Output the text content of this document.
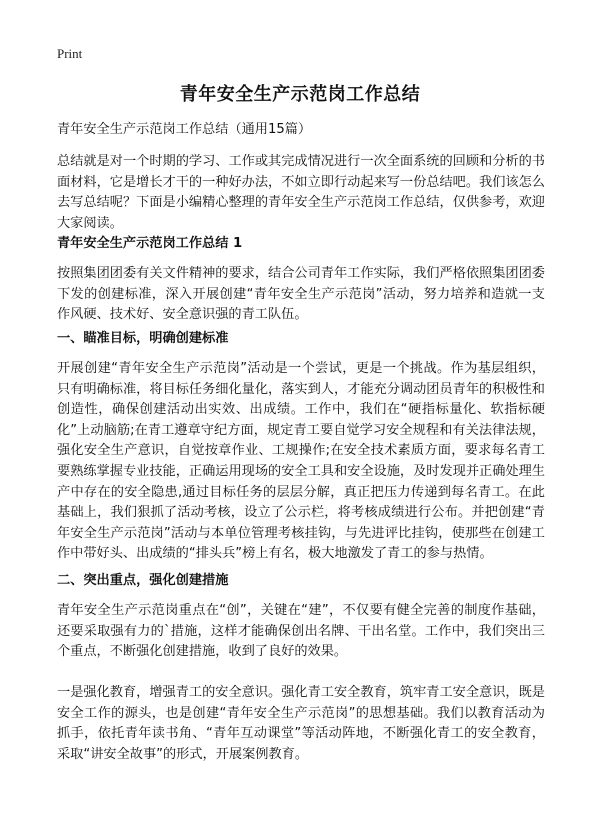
Print
青年安全生产示范岗工作总结
青年安全生产示范岗工作总结（通用15篇）
总结就是对一个时期的学习、工作或其完成情况进行一次全面系统的回顾和分析的书面材料，它是增长才干的一种好办法，不如立即行动起来写一份总结吧。我们该怎么去写总结呢？下面是小编精心整理的青年安全生产示范岗工作总结，仅供参考，欢迎大家阅读。
青年安全生产示范岗工作总结 1
按照集团团委有关文件精神的要求，结合公司青年工作实际，我们严格依照集团团委下发的创建标准，深入开展创建“青年安全生产示范岗”活动，努力培养和造就一支作风硬、技术好、安全意识强的青工队伍。
一、瞄准目标，明确创建标准
开展创建“青年安全生产示范岗”活动是一个尝试，更是一个挑战。作为基层组织，只有明确标准，将目标任务细化量化，落实到人，才能充分调动团员青年的积极性和创造性，确保创建活动出实效、出成绩。工作中，我们在“硬指标量化、软指标硬化”上动脑筋;在青工遵章守纪方面，规定青工要自觉学习安全规程和有关法律法规，强化安全生产意识，自觉按章作业、工规操作;在安全技术素质方面，要求每名青工要熟练掌握专业技能，正确运用现场的安全工具和安全设施，及时发现并正确处理生产中存在的安全隐患,通过目标任务的层层分解，真正把压力传递到每名青工。在此基础上，我们狠抓了活动考核，设立了公示栏，将考核成绩进行公布。并把创建“青年安全生产示范岗”活动与本单位管理考核挂钩，与先进评比挂钩，使那些在创建工作中带好头、出成绩的“排头兵”榜上有名，极大地激发了青工的参与热情。
二、突出重点，强化创建措施
青年安全生产示范岗重点在“创”，关键在“建”，不仅要有健全完善的制度作基础，还要采取强有力的`措施，这样才能确保创出名牌、干出名堂。工作中，我们突出三个重点，不断强化创建措施，收到了良好的效果。
一是强化教育，增强青工的安全意识。强化青工安全教育，筑牢青工安全意识，既是安全工作的源头，也是创建“青年安全生产示范岗”的思想基础。我们以教育活动为抓手，依托青年读书角、“青年互动课堂”等活动阵地，不断强化青工的安全教育，采取“讲安全故事”的形式，开展案例教育。
